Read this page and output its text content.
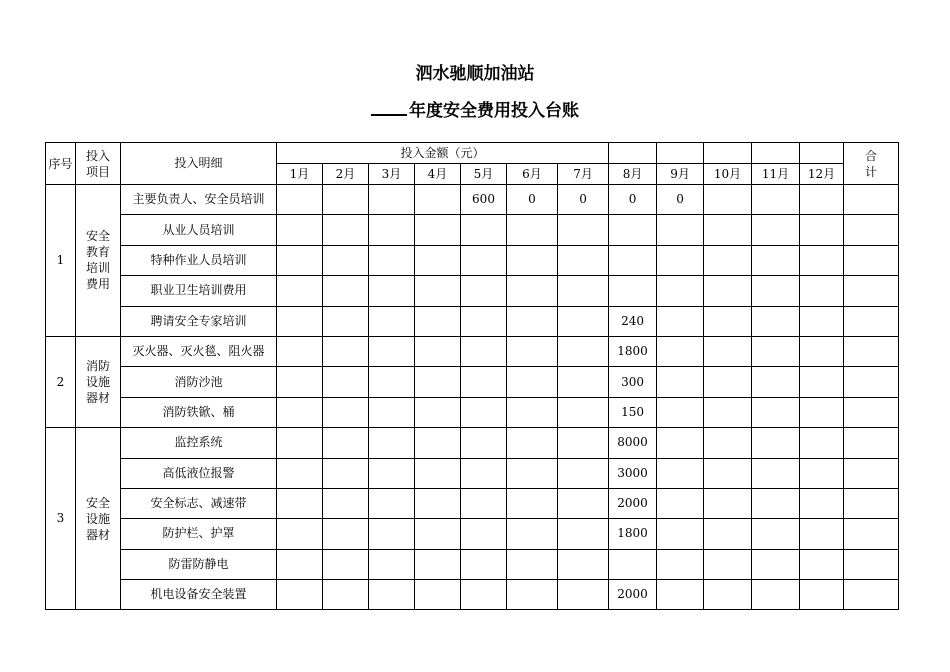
泗水驰顺加油站
年度安全费用投入台账
序号	投入项目	投入明细	投入金额（元）												合计
			1月	2月	3月	4月	5月	6月	7月	8月	9月	10月	11月	12月	
1	安全教育培训费用	主要负责人、安全员培训					600	0	0	0	0				
		从业人员培训													
		特种作业人员培训													
		职业卫生培训费用													
		聘请安全专家培训								240					
2	消防设施器材	灭火器、灭火毯、阻火器								1800					
		消防沙池								300					
		消防铁锨、桶								150					
3	安全设施器材	监控系统								8000					
		高低液位报警								3000					
		安全标志、减速带								2000					
		防护栏、护罩								1800					
		防雷防静电													
		机电设备安全装置								2000					
